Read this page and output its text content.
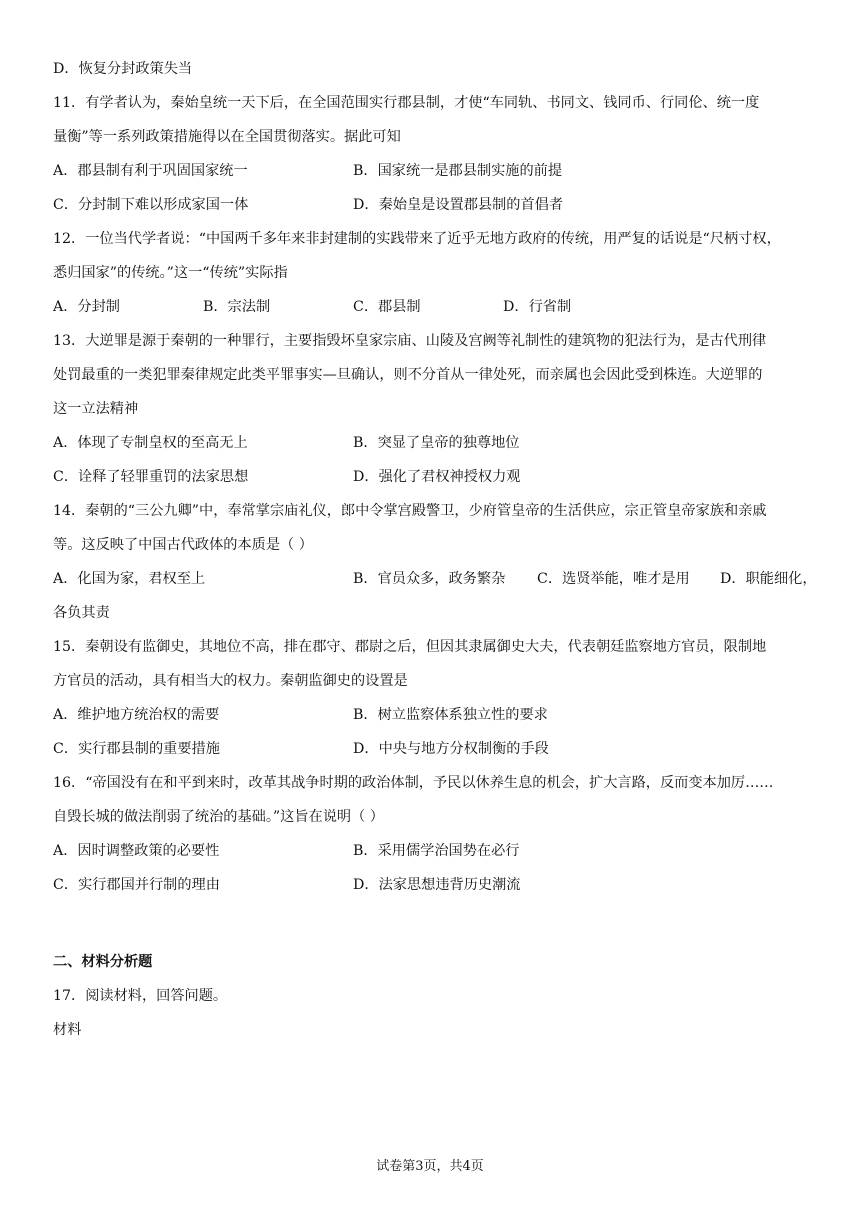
D．恢复分封政策失当
11．有学者认为，秦始皇统一天下后，在全国范围实行郡县制，才使“车同轨、书同文、钱同币、行同伦、统一度
量衡”等一系列政策措施得以在全国贯彻落实。据此可知
A．郡县制有利于巩固国家统一	B．国家统一是郡县制实施的前提
C．分封制下难以形成家国一体	D．秦始皇是设置郡县制的首倡者
12．一位当代学者说：“中国两千多年来非封建制的实践带来了近乎无地方政府的传统，用严复的话说是“尺柄寸权，
悉归国家”的传统。”这一“传统”实际指
A．分封制	B．宗法制	C．郡县制	D．行省制
13．大逆罪是源于秦朝的一种罪行，主要指毁坏皇家宗庙、山陵及宫阙等礼制性的建筑物的犯法行为，是古代刑律
处罚最重的一类犯罪秦律规定此类平罪事实—旦确认，则不分首从一律处死，而亲属也会因此受到株连。大逆罪的
这一立法精神
A．体现了专制皇权的至高无上	B．突显了皇帝的独尊地位
C．诠释了轻罪重罚的法家思想	D．强化了君权神授权力观
14．秦朝的“三公九卿”中，奉常掌宗庙礼仪，郎中令掌宫殿警卫，少府管皇帝的生活供应，宗正管皇帝家族和亲戚
等。这反映了中国古代政体的本质是（ ）
A．化国为家，君权至上	B．官员众多，政务繁杂 C．选贤举能，唯才是用 D．职能细化，
各负其责
15．秦朝设有监御史，其地位不高，排在郡守、郡尉之后，但因其隶属御史大夫，代表朝廷监察地方官员，限制地
方官员的活动，具有相当大的权力。秦朝监御史的设置是
A．维护地方统治权的需要	B．树立监察体系独立性的要求
C．实行郡县制的重要措施	D．中央与地方分权制衡的手段
16．“帝国没有在和平到来时，改革其战争时期的政治体制，予民以休养生息的机会，扩大言路，反而变本加厉……
自毁长城的做法削弱了统治的基础。”这旨在说明（ ）
A．因时调整政策的必要性	B．采用儒学治国势在必行
C．实行郡国并行制的理由	D．法家思想违背历史潮流
二、材料分析题
17．阅读材料，回答问题。
材料
试卷第3页，共4页
